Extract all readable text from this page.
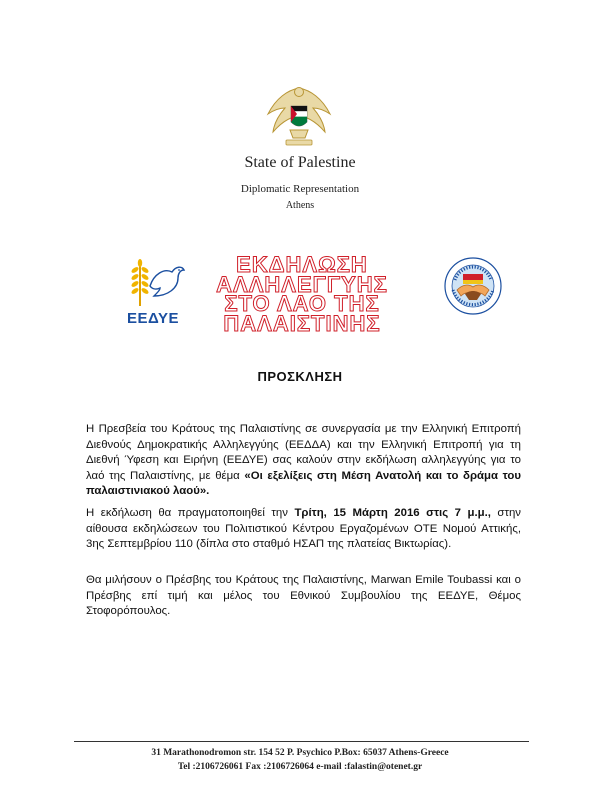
State of Palestine
Diplomatic Representation
Athens
ΕΕΔΥΕ
ΕΚΔΗΛΩΣΗ
ΑΛΛΗΛΕΓΓΥΗΣ
ΣΤΟ ΛΑΟ ΤΗΣ
ΠΑΛΑΙΣΤΙΝΗΣ
ΠΡΟΣΚΛΗΣΗ
Η Πρεσβεία του Κράτους της Παλαιστίνης σε συνεργασία με την Ελληνική Επιτροπή Διεθνούς Δημοκρατικής Αλληλεγγύης (ΕΕΔΔΑ) και την Ελληνική Επιτροπή για τη Διεθνή Ύφεση και Ειρήνη (ΕΕΔΥΕ) σας καλούν στην εκδήλωση αλληλεγγύης για το λαό της Παλαιστίνης, με θέμα «Οι εξελίξεις στη Μέση Ανατολή και το δράμα του παλαιστινιακού λαού».
Η εκδήλωση θα πραγματοποιηθεί την Τρίτη, 15 Μάρτη 2016 στις 7 μ.μ., στην αίθουσα εκδηλώσεων του Πολιτιστικού Κέντρου Εργαζομένων ΟΤΕ Νομού Αττικής, 3ης Σεπτεμβρίου 110 (δίπλα στο σταθμό ΗΣΑΠ της πλατείας Βικτωρίας).
Θα μιλήσουν ο Πρέσβης του Κράτους της Παλαιστίνης, Marwan Emile Toubassi και ο Πρέσβης επί τιμή και μέλος του Εθνικού Συμβουλίου της ΕΕΔΥΕ, Θέμος Στοφορόπουλος.
31 Marathonodromon str. 154 52 P. Psychico P.Box: 65037 Athens-Greece
Tel :2106726061 Fax :2106726064 e-mail :falastin@otenet.gr
